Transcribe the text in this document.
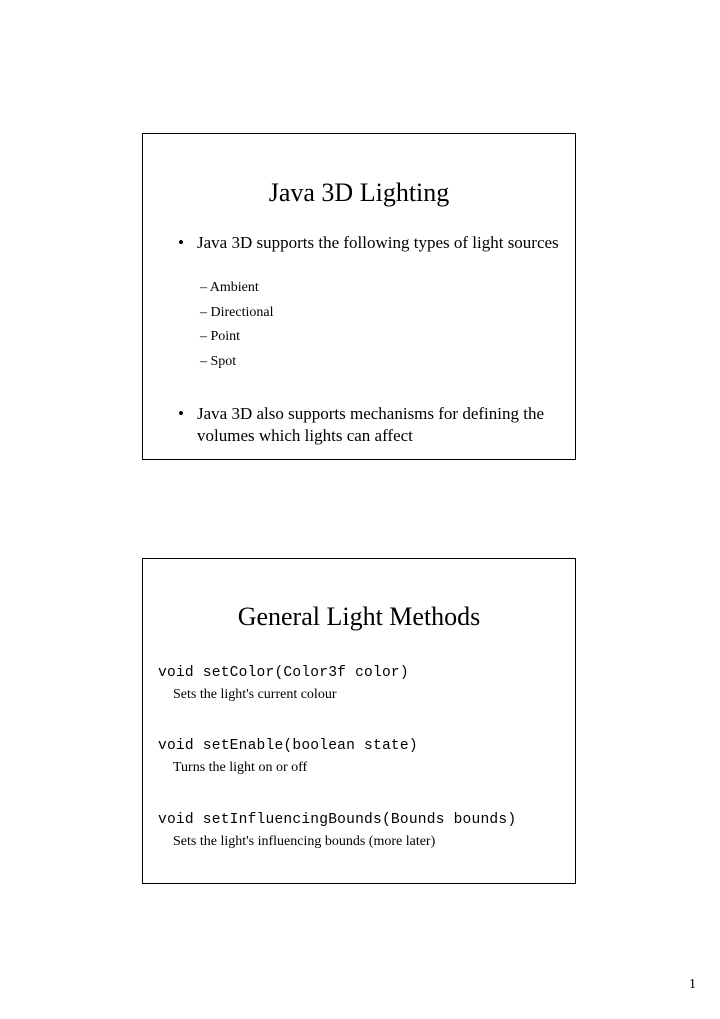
Java 3D Lighting
• Java 3D supports the following types of light sources
– Ambient
– Directional
– Point
– Spot
• Java 3D also supports mechanisms for defining the volumes which lights can affect
General Light Methods
void setColor(Color3f color)
Sets the light's current colour
void setEnable(boolean state)
Turns the light on or off
void setInfluencingBounds(Bounds bounds)
Sets the light's influencing bounds (more later)
1
